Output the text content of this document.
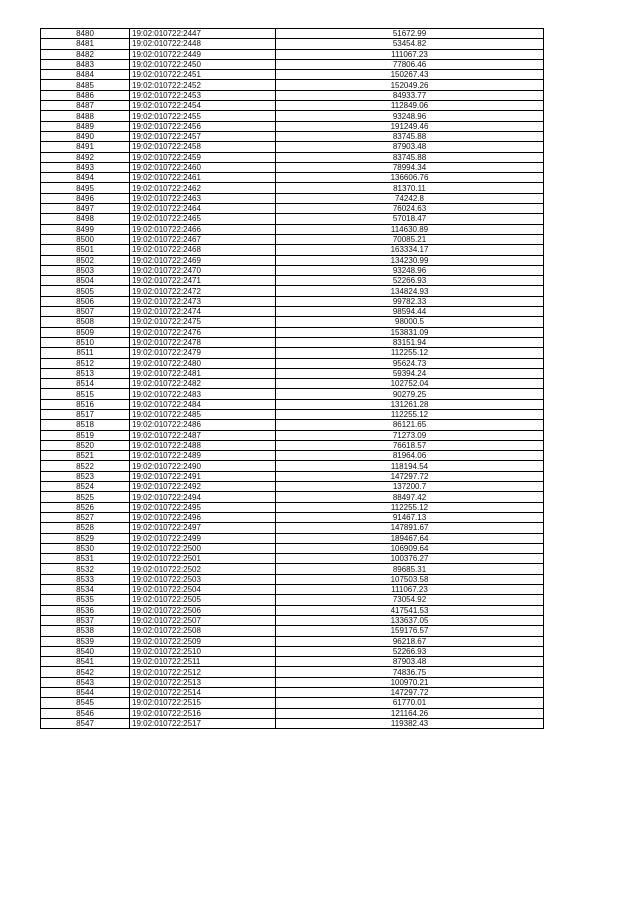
8480	19:02:010722:2447	51672.99
8481	19:02:010722:2448	53454.82
8482	19:02:010722:2449	111067.23
8483	19:02:010722:2450	77806.46
8484	19:02:010722:2451	150267.43
8485	19:02:010722:2452	152049.26
8486	19:02:010722:2453	84933.77
8487	19:02:010722:2454	112849.06
8488	19:02:010722:2455	93248.96
8489	19:02:010722:2456	191249.46
8490	19:02:010722:2457	83745.88
8491	19:02:010722:2458	87903.48
8492	19:02:010722:2459	83745.88
8493	19:02:010722:2460	78994.34
8494	19:02:010722:2461	136606.76
8495	19:02:010722:2462	81370.11
8496	19:02:010722:2463	74242.8
8497	19:02:010722:2464	76024.63
8498	19:02:010722:2465	57018.47
8499	19:02:010722:2466	114630.89
8500	19:02:010722:2467	70085.21
8501	19:02:010722:2468	163334.17
8502	19:02:010722:2469	134230.99
8503	19:02:010722:2470	93248.96
8504	19:02:010722:2471	52266.93
8505	19:02:010722:2472	134824.93
8506	19:02:010722:2473	99782.33
8507	19:02:010722:2474	98594.44
8508	19:02:010722:2475	98000.5
8509	19:02:010722:2476	153831.09
8510	19:02:010722:2478	83151.94
8511	19:02:010722:2479	112255.12
8512	19:02:010722:2480	95624.73
8513	19:02:010722:2481	59394.24
8514	19:02:010722:2482	102752.04
8515	19:02:010722:2483	90279.25
8516	19:02:010722:2484	131261.28
8517	19:02:010722:2485	112255.12
8518	19:02:010722:2486	86121.65
8519	19:02:010722:2487	71273.09
8520	19:02:010722:2488	76618.57
8521	19:02:010722:2489	81964.06
8522	19:02:010722:2490	118194.54
8523	19:02:010722:2491	147297.72
8524	19:02:010722:2492	137200.7
8525	19:02:010722:2494	88497.42
8526	19:02:010722:2495	112255.12
8527	19:02:010722:2496	91467.13
8528	19:02:010722:2497	147891.67
8529	19:02:010722:2499	189467.64
8530	19:02:010722:2500	106909.64
8531	19:02:010722:2501	100376.27
8532	19:02:010722:2502	89685.31
8533	19:02:010722:2503	107503.58
8534	19:02:010722:2504	111067.23
8535	19:02:010722:2505	73054.92
8536	19:02:010722:2506	417541.53
8537	19:02:010722:2507	133637.05
8538	19:02:010722:2508	159176.57
8539	19:02:010722:2509	96218.67
8540	19:02:010722:2510	52266.93
8541	19:02:010722:2511	87903.48
8542	19:02:010722:2512	74836.75
8543	19:02:010722:2513	100970.21
8544	19:02:010722:2514	147297.72
8545	19:02:010722:2515	61770.01
8546	19:02:010722:2516	121164.26
8547	19:02:010722:2517	119382.43
